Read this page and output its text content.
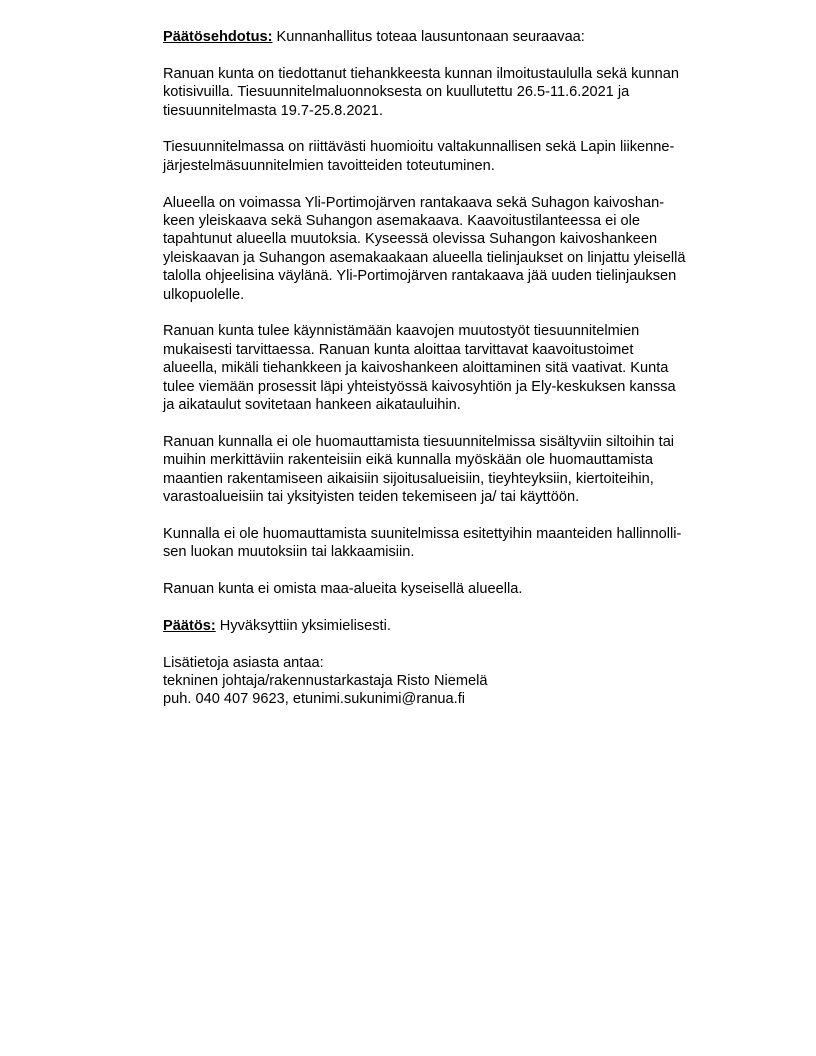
Päätösehdotus: Kunnanhallitus toteaa lausuntonaan seuraavaa:

Ranuan kunta on tiedottanut tiehankkeesta kunnan ilmoitustaululla sekä kunnan
kotisivuilla. Tiesuunnitelmaluonnoksesta on kuullutettu 26.5-11.6.2021 ja
tiesuunnitelmasta 19.7-25.8.2021.

Tiesuunnitelmassa on riittävästi huomioitu valtakunnallisen sekä Lapin liikenne-
järjestelmäsuunnitelmien tavoitteiden toteutuminen.

Alueella on voimassa Yli-Portimojärven rantakaava sekä Suhagon kaivoshan-
keen yleiskaava sekä Suhangon asemakaava. Kaavoitustilanteessa ei ole
tapahtunut alueella muutoksia. Kyseessä olevissa Suhangon kaivoshankeen
yleiskaavan ja Suhangon asemakaakaan alueella tielinjaukset on linjattu yleisellä
talolla ohjeelisina väylänä. Yli-Portimojärven rantakaava jää uuden tielinjauksen
ulkopuolelle.

Ranuan kunta tulee käynnistämään kaavojen muutostyöt tiesuunnitelmien
mukaisesti tarvittaessa. Ranuan kunta aloittaa tarvittavat kaavoitustoimet
alueella, mikäli tiehankkeen ja kaivoshankeen aloittaminen sitä vaativat. Kunta
tulee viemään prosessit läpi yhteistyössä kaivosyhtiön ja Ely-keskuksen kanssa
ja aikataulut sovitetaan hankeen aikatauluihin.

Ranuan kunnalla ei ole huomauttamista tiesuunnitelmissa sisältyviin siltoihin tai
muihin merkittäviin rakenteisiin eikä kunnalla myöskään ole huomauttamista
maantien rakentamiseen aikaisiin sijoitusalueisiin, tieyhteyksiin, kiertoiteihin,
varastoalueisiin tai yksityisten teiden tekemiseen ja/ tai käyttöön.

Kunnalla ei ole huomauttamista suunitelmissa esitettyihin maanteiden hallinnolli-
sen luokan muutoksiin tai lakkaamisiin.

Ranuan kunta ei omista maa-alueita kyseisellä alueella.

Päätös: Hyväksyttiin yksimielisesti.

Lisätietoja asiasta antaa:
tekninen johtaja/rakennustarkastaja Risto Niemelä
puh. 040 407 9623, etunimi.sukunimi@ranua.fi
